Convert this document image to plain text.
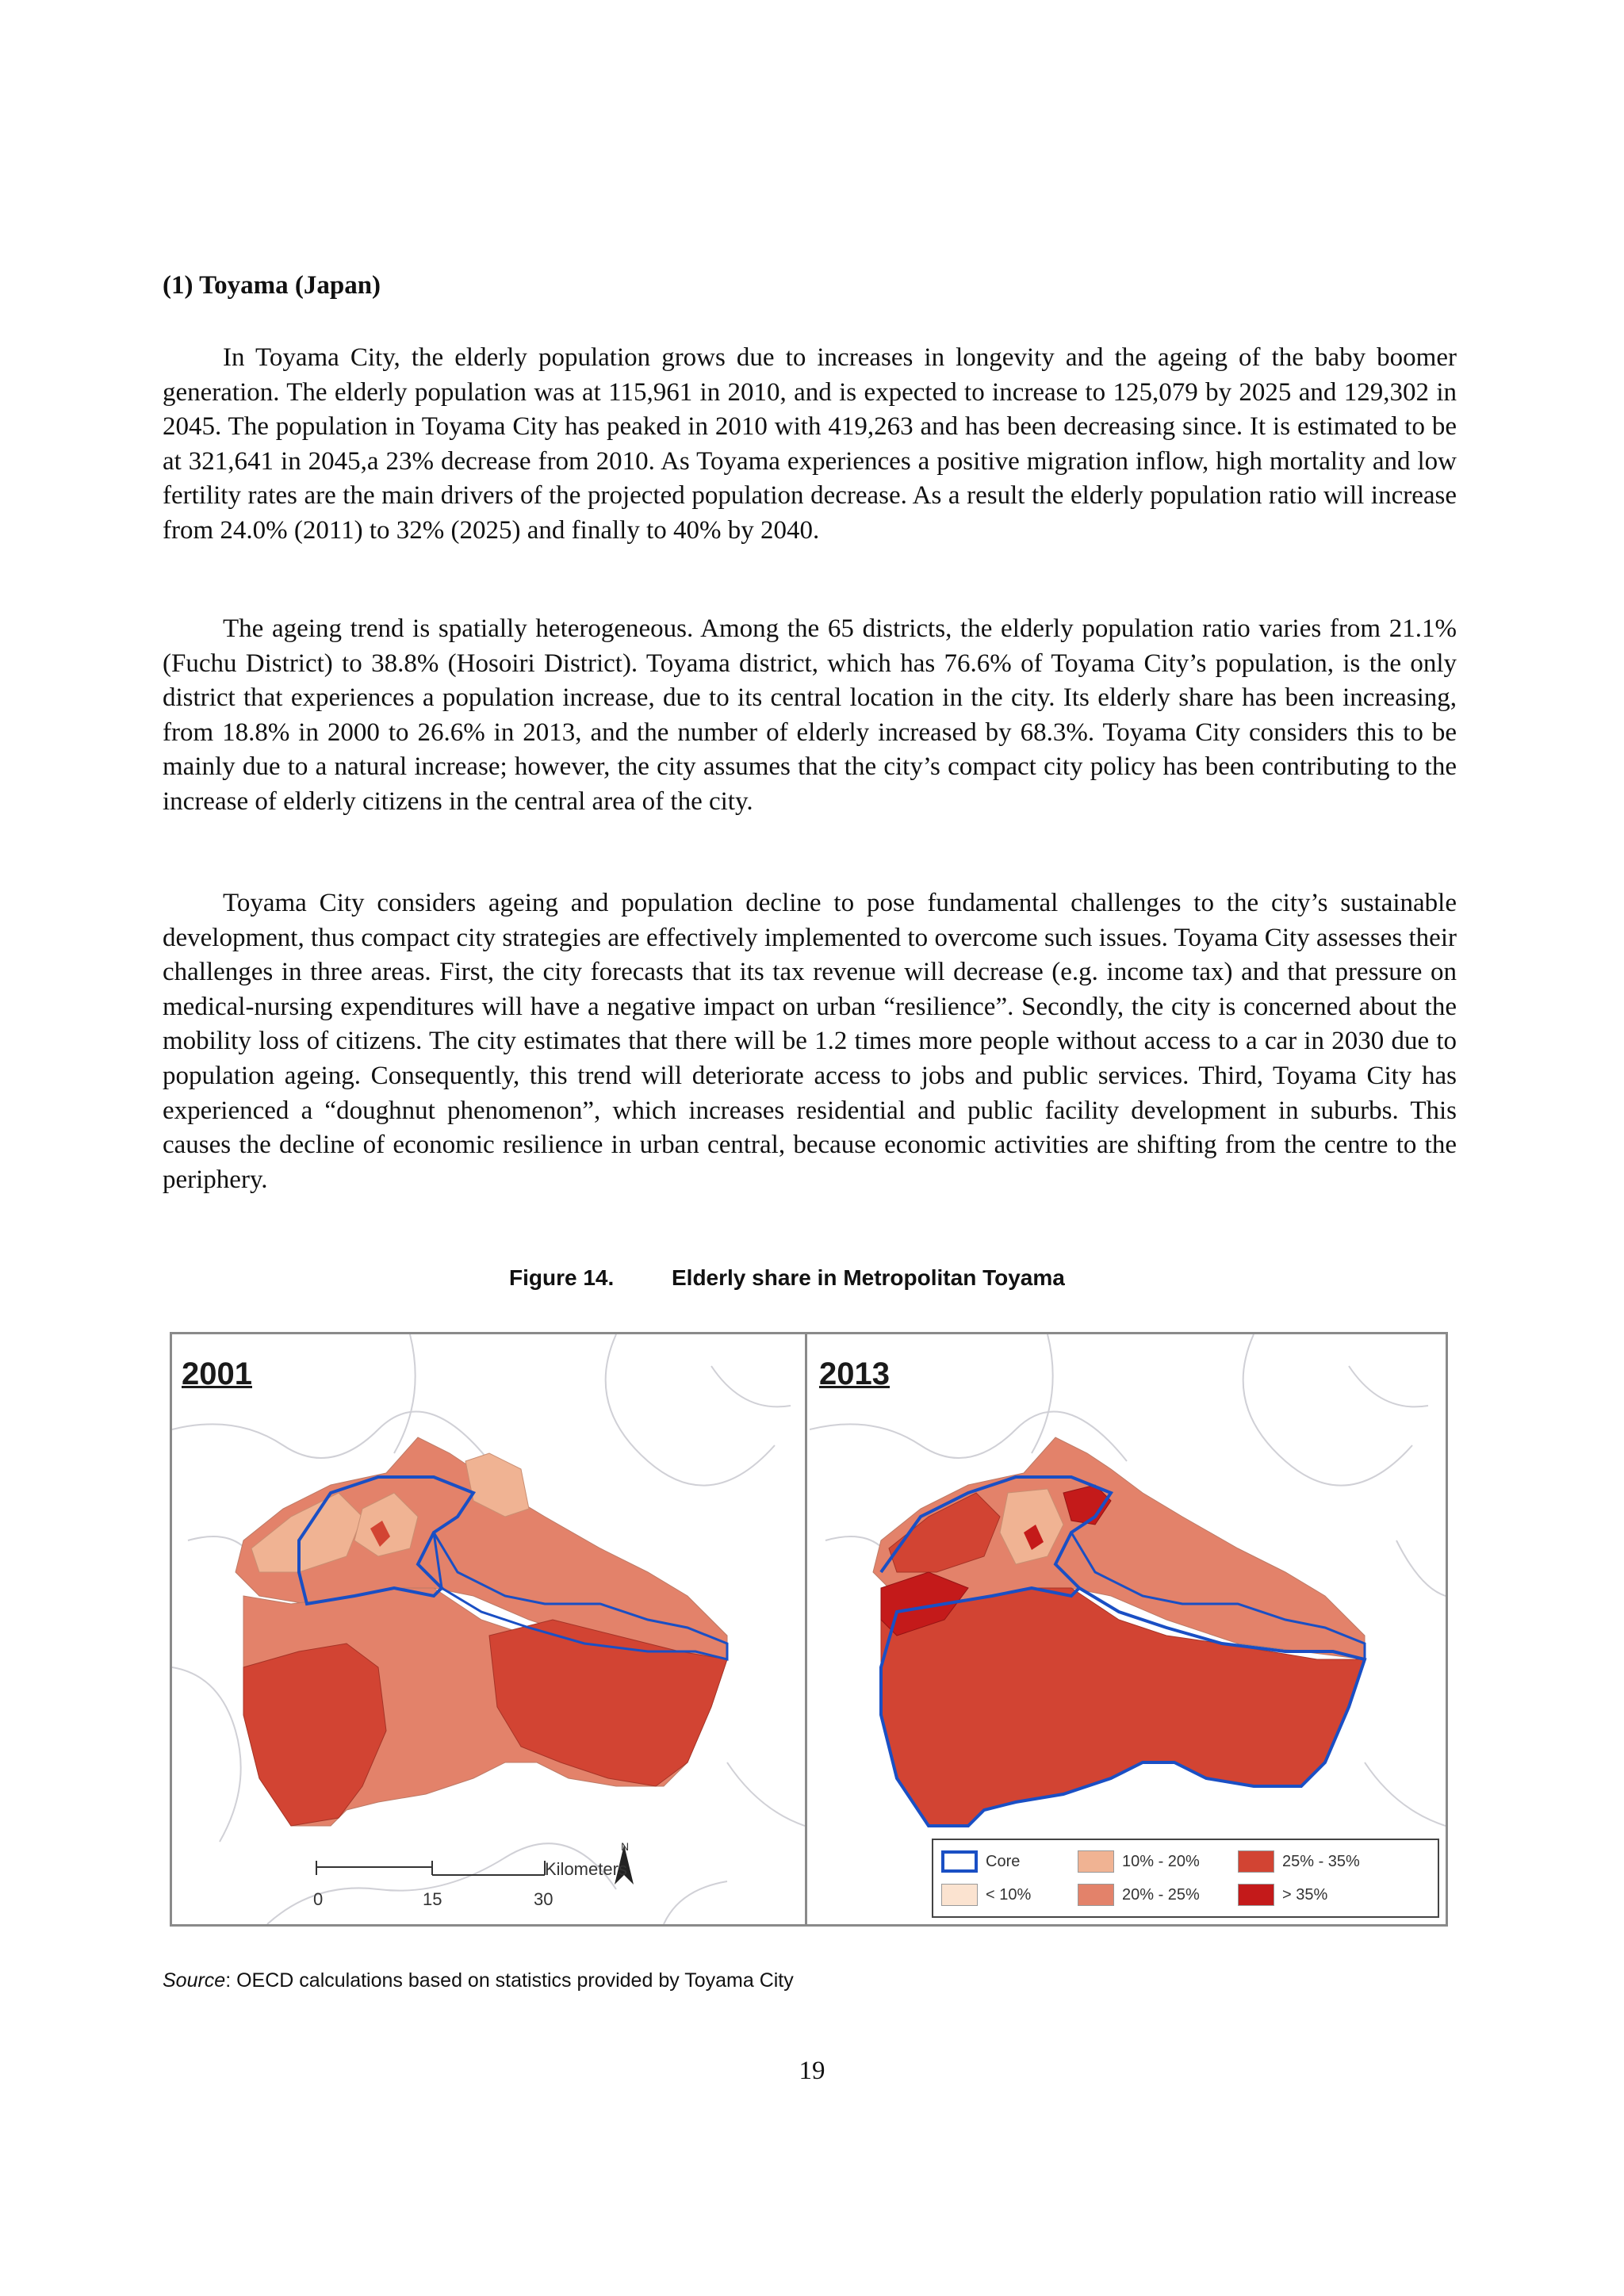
(1) Toyama (Japan)

In Toyama City, the elderly population grows due to increases in longevity and the ageing of the baby boomer generation. The elderly population was at 115,961 in 2010, and is expected to increase to 125,079 by 2025 and 129,302 in 2045. The population in Toyama City has peaked in 2010 with 419,263 and has been decreasing since. It is estimated to be at 321,641 in 2045,a 23% decrease from 2010. As Toyama experiences a positive migration inflow, high mortality and low fertility rates are the main drivers of the projected population decrease. As a result the elderly population ratio will increase from 24.0% (2011) to 32% (2025) and finally to 40% by 2040.

The ageing trend is spatially heterogeneous. Among the 65 districts, the elderly population ratio varies from 21.1% (Fuchu District) to 38.8% (Hosoiri District). Toyama district, which has 76.6% of Toyama City’s population, is the only district that experiences a population increase, due to its central location in the city. Its elderly share has been increasing, from 18.8% in 2000 to 26.6% in 2013, and the number of elderly increased by 68.3%. Toyama City considers this to be mainly due to a natural increase; however, the city assumes that the city’s compact city policy has been contributing to the increase of elderly citizens in the central area of the city.

Toyama City considers ageing and population decline to pose fundamental challenges to the city’s sustainable development, thus compact city strategies are effectively implemented to overcome such issues. Toyama City assesses their challenges in three areas. First, the city forecasts that its tax revenue will decrease (e.g. income tax) and that pressure on medical-nursing expenditures will have a negative impact on urban “resilience”. Secondly, the city is concerned about the mobility loss of citizens. The city estimates that there will be 1.2 times more people without access to a car in 2030 due to population ageing. Consequently, this trend will deteriorate access to jobs and public services. Third, Toyama City has experienced a “doughnut phenomenon”, which increases residential and public facility development in suburbs. This causes the decline of economic resilience in urban central, because economic activities are shifting from the centre to the periphery.

Figure 14.	Elderly share in Metropolitan Toyama
2001
0	15	30
Kilometers
N
2013
Core
< 10%
10% - 20%
20% - 25%
25% - 35%
> 35%
Source: OECD calculations based on statistics provided by Toyama City
19
